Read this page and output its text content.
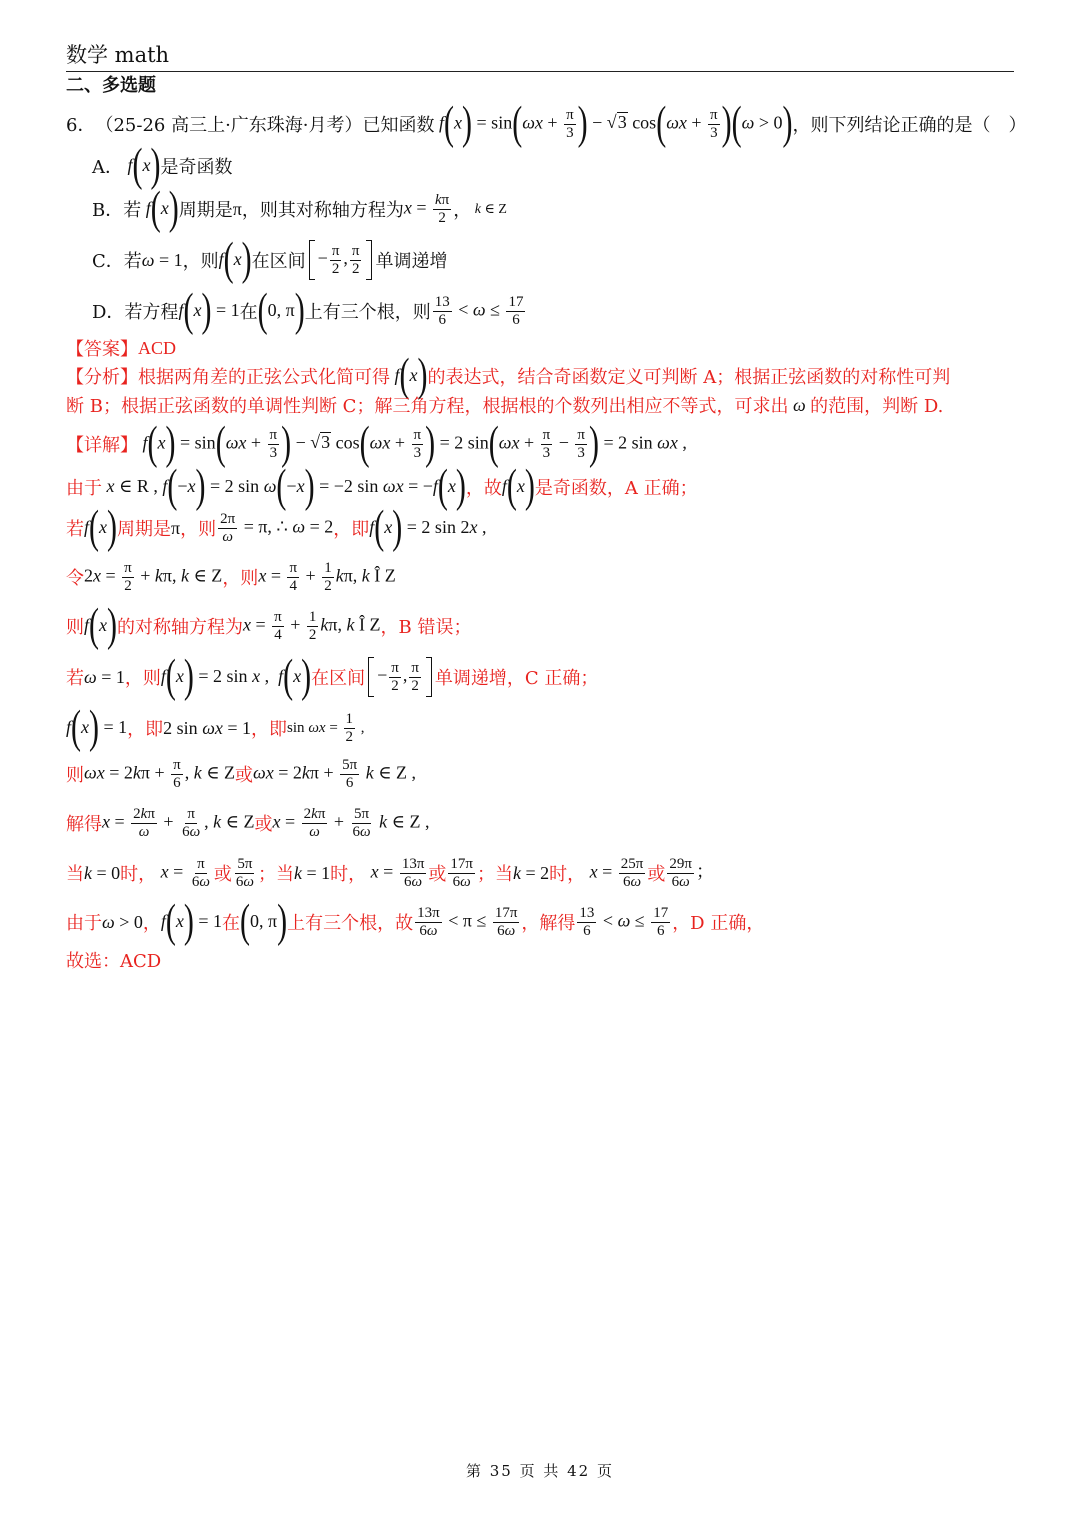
数学 math
二、多选题
6． （25-26 高三上·广东珠海·月考） 已知函数 $f(x) = \sin(\omega x + \frac{\pi}{3}$ ) − √ 3 $\cos(\omega x + \frac{\pi}{3} )(\omega > 0)$ ，则下列结论正确的是（　）
A． f(x) 是奇函数
B． 若 f(x) 周期是 π ，则其对称轴方程为 $x = \frac{k\pi}{2}$ ， k ∈ Z
C． 若 ω = 1 ，则 f(x) 在区间 − $\frac{\pi}{2}$ , $\frac{\pi}{2}$ 单调递增
D． 若方程 f(x) = 1 在 (0, π) 上有三个根，则 $\frac{13}{6} < \omega \le \frac{17}{6}$
【答案】 ACD
【分析】 根据两角差的正弦公式化简可得 f(x) 的表达式，结合奇函数定义可判断 A；根据正弦函数的对称性可判
断 B；根据正弦函数的单调性判断 C；解三角方程，根据根的个数列出相应不等式，可求出 ω 的范围，判断 D.
【详解】 $f(x) = \sin(\omega x + \frac{\pi}{3}$ ) − √ 3 $\cos(\omega x + \frac{\pi}{3}$ ) = 2 $\sin(\omega x + \frac{\pi}{3} - \frac{\pi}{3}$ ) = 2 sin ωx ,
由于 x ∈ R , f(−x) = 2 sin ω(−x) = −2 sin ωx = −f(x) ，故 f(x) 是奇函数，A 正确；
若 f(x) 周期是 π ，则 $\frac{2\pi}{\omega} = \pi$, ∴ ω = 2 ，即 f(x) = 2 sin 2x ,
令 $2x = \frac{\pi}{2} + k\pi$, k ∈ Z ，则 $x = \frac{\pi}{4} + \frac{1}{2} k\pi$, k Î Z
则 f(x) 的对称轴方程为 $x = \frac{\pi}{4} + \frac{1}{2} k\pi$, k Î Z ，B 错误；
若 ω = 1 ，则 f(x) = 2 sin x ,  f(x) 在区间 − $\frac{\pi}{2}$ , $\frac{\pi}{2}$ 单调递增，C 正确；
f(x) = 1 ，即 2 sin ωx = 1 ，即 $\sin \omega x = \frac{1}{2}$ ,
则 $\omega x = 2k\pi + \frac{\pi}{6}$ , k ∈ Z 或 $\omega x = 2k\pi + \frac{5\pi}{6}$ k ∈ Z ,
解得 $x = \frac{2k\pi}{\omega} + \frac{\pi}{6\omega}$ , k ∈ Z 或 $x = \frac{2k\pi}{\omega} + \frac{5\pi}{6\omega}$ k ∈ Z ,
当 k = 0 时， $x = \frac{\pi}{6\omega}$ 或 $\frac{5\pi}{6\omega}$ ；当 k = 1 时， $x = \frac{13\pi}{6\omega}$ 或 $\frac{17\pi}{6\omega}$ ；当 k = 2 时， $x = \frac{25\pi}{6\omega}$ 或 $\frac{29\pi}{6\omega}$ ；
由于 ω > 0 ， f(x) = 1 在 (0, π) 上有三个根，故 $\frac{13\pi}{6\omega} < \pi \le \frac{17\pi}{6\omega}$ ，解得 $\frac{13}{6} < \omega \le \frac{17}{6}$ ，D 正确，
故选：ACD
第 35 页 共 42 页
